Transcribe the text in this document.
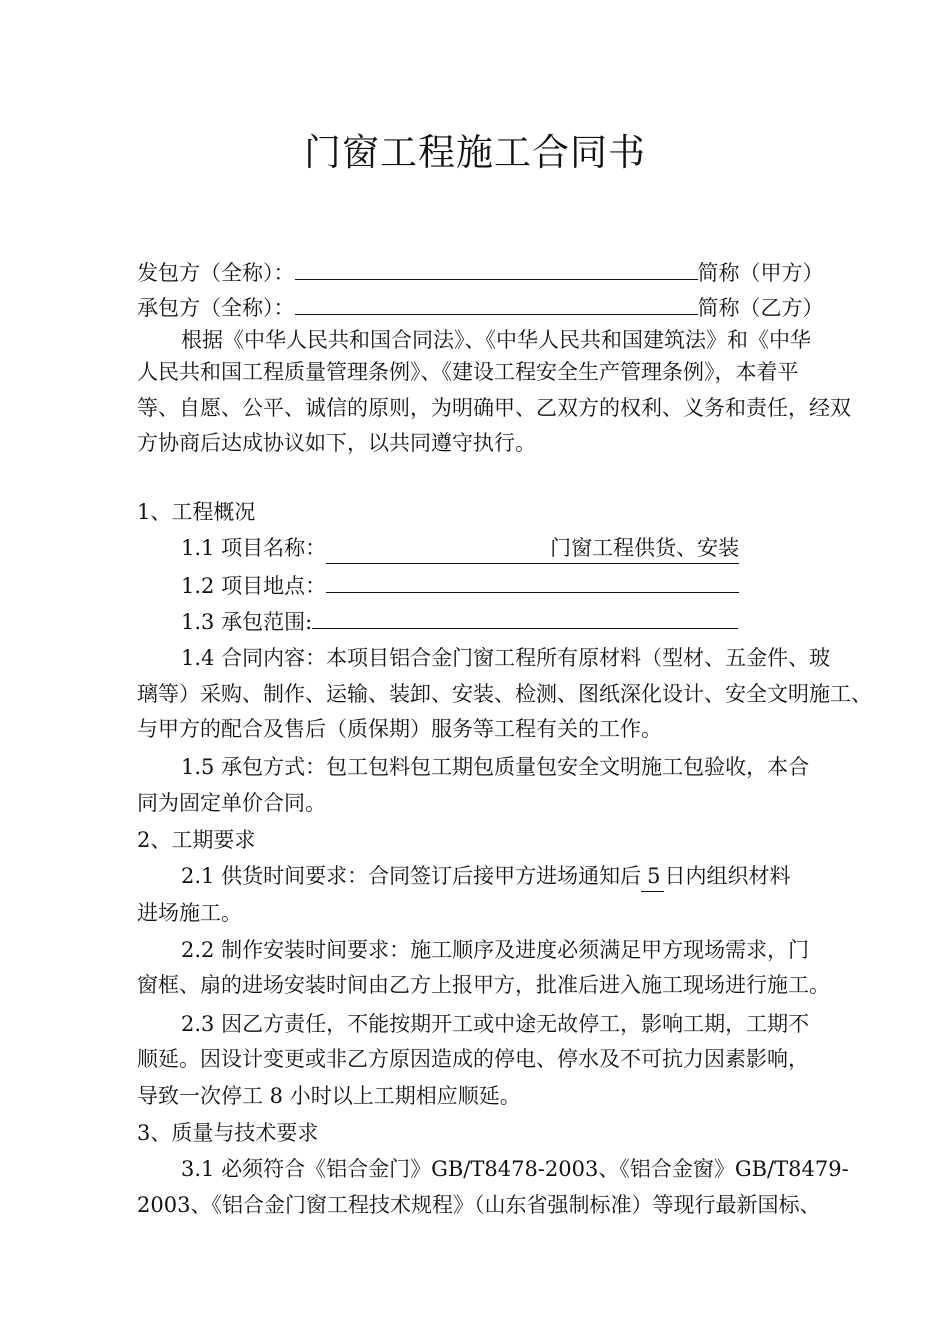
门窗工程施工合同书
发包方（全称）：	简称（甲方）
承包方（全称）：	简称（乙方）
根据《中华人民共和国合同法》、《中华人民共和国建筑法》和《中华
人民共和国工程质量管理条例》、《建设工程安全生产管理条例》，本着平
等、自愿、公平、诚信的原则，为明确甲、乙双方的权利、义务和责任，经双
方协商后达成协议如下，以共同遵守执行。
1、工程概况
1.1 项目名称：	门窗工程供货、安装
1.2 项目地点：
1.3 承包范围:
1.4 合同内容：本项目铝合金门窗工程所有原材料（型材、五金件、玻
璃等）采购、制作、运输、装卸、安装、检测、图纸深化设计、安全文明施工、
与甲方的配合及售后（质保期）服务等工程有关的工作。
1.5 承包方式：包工包料包工期包质量包安全文明施工包验收，本合
同为固定单价合同。
2、工期要求
2.1 供货时间要求：合同签订后接甲方进场通知后 5 日内组织材料
进场施工。
2.2 制作安装时间要求：施工顺序及进度必须满足甲方现场需求，门
窗框、扇的进场安装时间由乙方上报甲方，批准后进入施工现场进行施工。
2.3 因乙方责任，不能按期开工或中途无故停工，影响工期，工期不
顺延。因设计变更或非乙方原因造成的停电、停水及不可抗力因素影响，
导致一次停工 8 小时以上工期相应顺延。
3、质量与技术要求
3.1 必须符合《铝合金门》GB/T8478-2003、《铝合金窗》GB/T8479-
2003、《铝合金门窗工程技术规程》（山东省强制标准）等现行最新国标、
